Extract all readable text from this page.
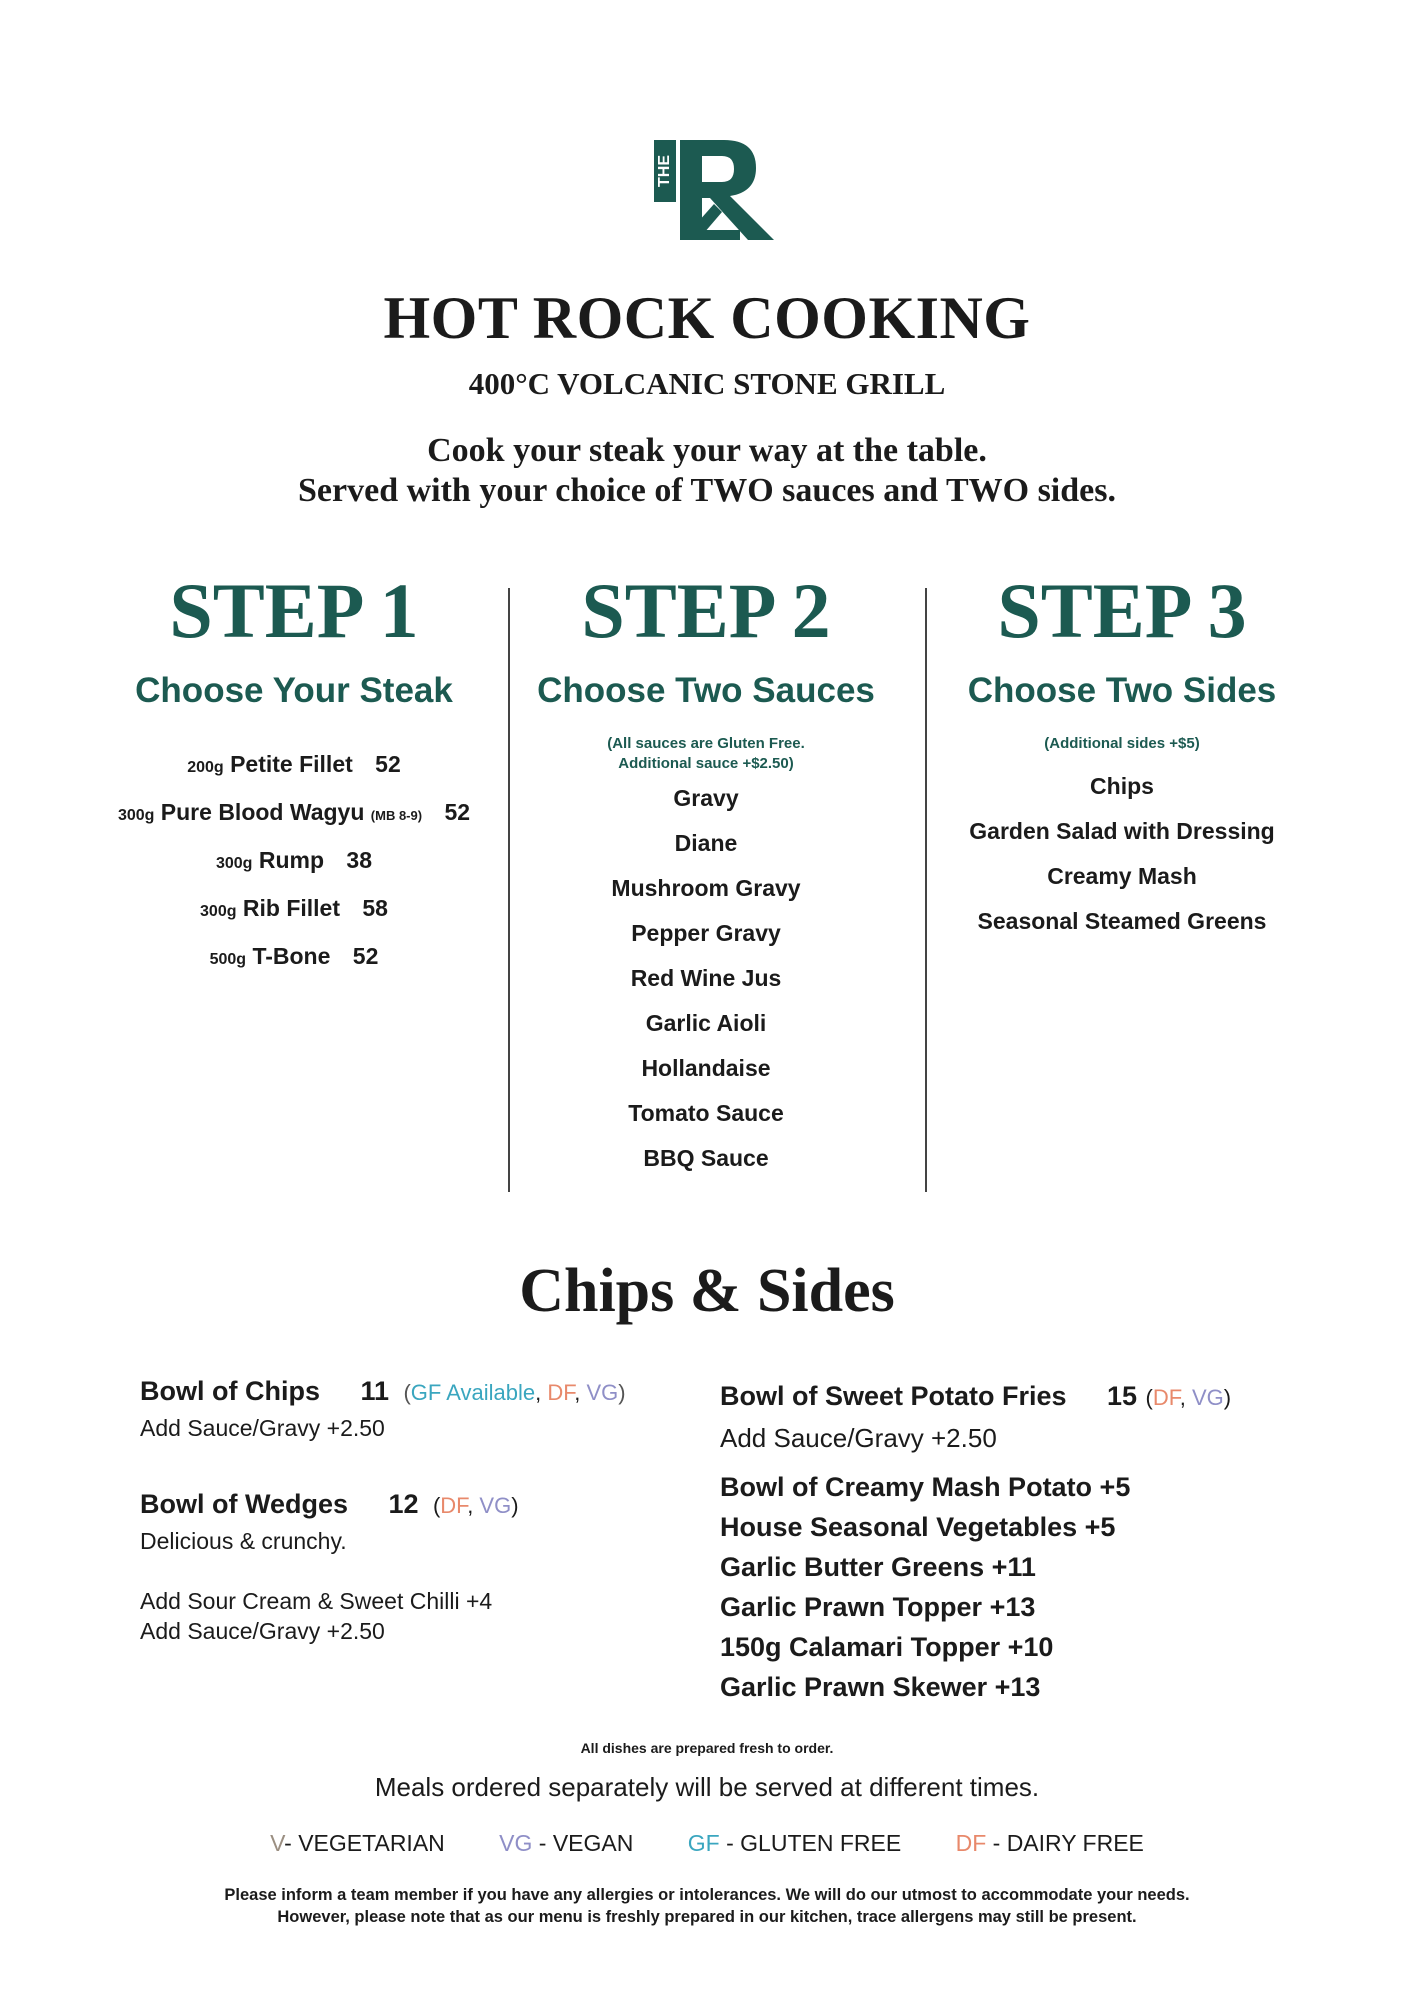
THE
HOT ROCK COOKING
400°C VOLCANIC STONE GRILL
Cook your steak your way at the table.
Served with your choice of TWO sauces and TWO sides.
STEP 1
Choose Your Steak
200g Petite Fillet 52
300g Pure Blood Wagyu (MB 8-9) 52
300g Rump 38
300g Rib Fillet 58
500g T-Bone 52
STEP 2
Choose Two Sauces
(All sauces are Gluten Free.
Additional sauce +$2.50)
Gravy
Diane
Mushroom Gravy
Pepper Gravy
Red Wine Jus
Garlic Aioli
Hollandaise
Tomato Sauce
BBQ Sauce
STEP 3
Choose Two Sides
(Additional sides +$5)
Chips
Garden Salad with Dressing
Creamy Mash
Seasonal Steamed Greens
Chips & Sides
Bowl of Chips 11 (GF Available, DF, VG)
Add Sauce/Gravy +2.50
Bowl of Wedges 12 (DF, VG)
Delicious & crunchy.
Add Sour Cream & Sweet Chilli +4
Add Sauce/Gravy +2.50
Bowl of Sweet Potato Fries 15 (DF, VG)
Add Sauce/Gravy +2.50
Bowl of Creamy Mash Potato +5
House Seasonal Vegetables +5
Garlic Butter Greens +11
Garlic Prawn Topper +13
150g Calamari Topper +10
Garlic Prawn Skewer +13
All dishes are prepared fresh to order.
Meals ordered separately will be served at different times.
V- VEGETARIAN VG - VEGAN GF - GLUTEN FREE DF - DAIRY FREE
Please inform a team member if you have any allergies or intolerances. We will do our utmost to accommodate your needs. However, please note that as our menu is freshly prepared in our kitchen, trace allergens may still be present.
